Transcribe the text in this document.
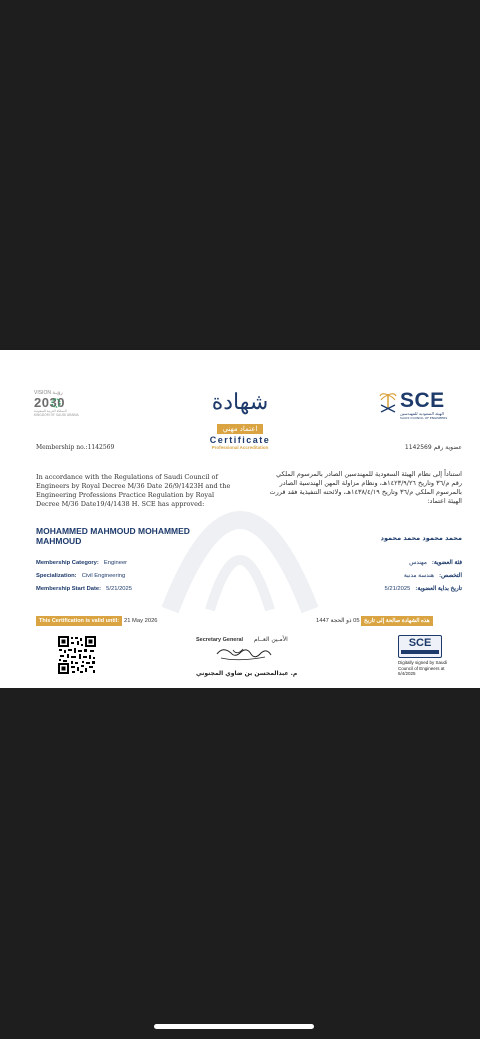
VISION رؤيـة
2030
المملكة العربية السعودية
KINGDOM OF SAUDI ARABIA
SCE
الهيئة السعودية للمهندسين
SAUDI COUNCIL OF ENGINEERS
شهادة
اعتماد مهني
Certificate
Professional Accreditation
Membership no.:1142569	عضوية رقم 1142569
In accordance with the Regulations of Saudi Council of Engineers by Royal Decree M/36 Date 26/9/1423H and the Engineering Professions Practice Regulation by Royal Decree M/36 Date19/4/1438 H. SCE has approved:
استناداً إلى نظام الهيئة السعودية للمهندسين الصادر بالمرسوم الملكي رقم م/٣٦ وتاريخ ١٤٢٣/٩/٢٦هـ، ونظام مزاولة المهن الهندسية الصادر بالمرسوم الملكي م/٣٦ وتاريخ ١٤٣٨/٤/١٩هـ، ولائحته التنفيذية فقد قررت الهيئة اعتماد:
MOHAMMED MAHMOUD MOHAMMED MAHMOUD	محمد محمود محمد محمود
Membership Category: Engineer
Specialization: Civil Engineering
Membership Start Date: 5/21/2025
فئة العضوية: مهندس
التخصص: هندسة مدنية
تاريخ بداية العضوية: 5/21/2025
This Certification is valid until: 21 May 2026	05 ذو الحجة 1447 هذه الشهادة صالحة إلى تاريخ
Secretary General الأمـين العــام
م. عبدالمحسن بن ضاوي المجنوني
SCE
Digitally signed by Saudi Council of Engineers at 6/4/2025
